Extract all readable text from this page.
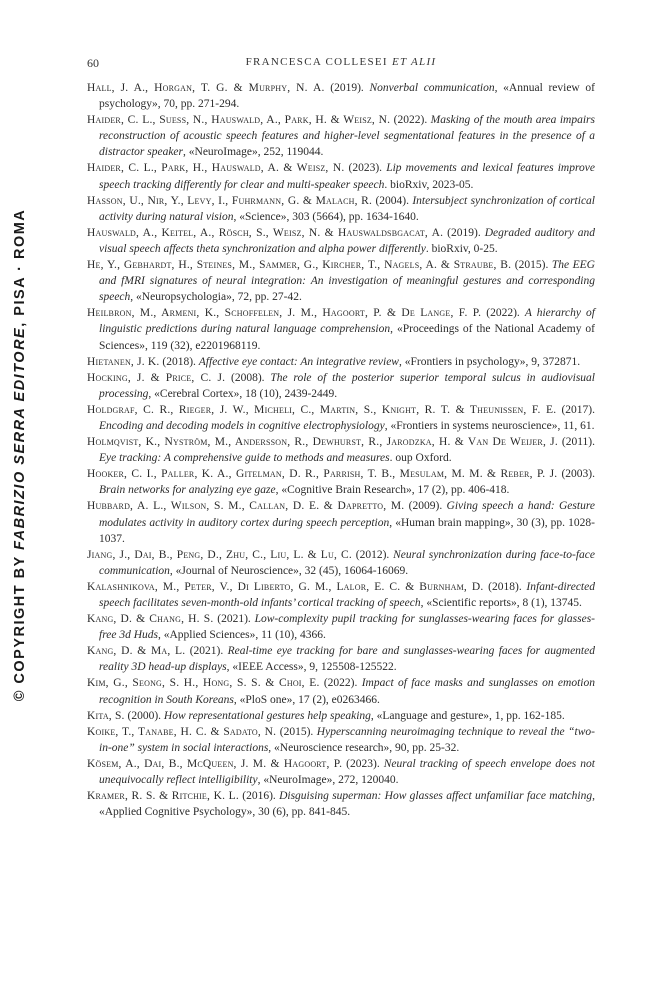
© COPYRIGHT BY FABRIZIO SERRA EDITORE, PISA · ROMA
60	FRANCESCA COLLESEI ET ALII
Hall, J. A., Horgan, T. G. & Murphy, N. A. (2019). Nonverbal communication, «Annual review of psychology», 70, pp. 271-294.
Haider, C. L., Suess, N., Hauswald, A., Park, H. & Weisz, N. (2022). Masking of the mouth area impairs reconstruction of acoustic speech features and higher-level segmentational features in the presence of a distractor speaker, «NeuroImage», 252, 119044.
Haider, C. L., Park, H., Hauswald, A. & Weisz, N. (2023). Lip movements and lexical features improve speech tracking differently for clear and multi-speaker speech. bioRxiv, 2023-05.
Hasson, U., Nir, Y., Levy, I., Fuhrmann, G. & Malach, R. (2004). Intersubject synchronization of cortical activity during natural vision, «Science», 303 (5664), pp. 1634-1640.
Hauswald, A., Keitel, A., Rösch, S., Weisz, N. & Hauswaldsbgacat, A. (2019). Degraded auditory and visual speech affects theta synchronization and alpha power differently. bioRxiv, 0-25.
He, Y., Gebhardt, H., Steines, M., Sammer, G., Kircher, T., Nagels, A. & Straube, B. (2015). The EEG and fMRI signatures of neural integration: An investigation of meaningful gestures and corresponding speech, «Neuropsychologia», 72, pp. 27-42.
Heilbron, M., Armeni, K., Schoffelen, J. M., Hagoort, P. & De Lange, F. P. (2022). A hierarchy of linguistic predictions during natural language comprehension, «Proceedings of the National Academy of Sciences», 119 (32), e2201968119.
Hietanen, J. K. (2018). Affective eye contact: An integrative review, «Frontiers in psychology», 9, 372871.
Hocking, J. & Price, C. J. (2008). The role of the posterior superior temporal sulcus in audiovisual processing, «Cerebral Cortex», 18 (10), 2439-2449.
Holdgraf, C. R., Rieger, J. W., Micheli, C., Martin, S., Knight, R. T. & Theunissen, F. E. (2017). Encoding and decoding models in cognitive electrophysiology, «Frontiers in systems neuroscience», 11, 61.
Holmqvist, K., Nyström, M., Andersson, R., Dewhurst, R., Jarodzka, H. & Van De Weijer, J. (2011). Eye tracking: A comprehensive guide to methods and measures. oup Oxford.
Hooker, C. I., Paller, K. A., Gitelman, D. R., Parrish, T. B., Mesulam, M. M. & Reber, P. J. (2003). Brain networks for analyzing eye gaze, «Cognitive Brain Research», 17 (2), pp. 406-418.
Hubbard, A. L., Wilson, S. M., Callan, D. E. & Dapretto, M. (2009). Giving speech a hand: Gesture modulates activity in auditory cortex during speech perception, «Human brain mapping», 30 (3), pp. 1028-1037.
Jiang, J., Dai, B., Peng, D., Zhu, C., Liu, L. & Lu, C. (2012). Neural synchronization during face-to-face communication, «Journal of Neuroscience», 32 (45), 16064-16069.
Kalashnikova, M., Peter, V., Di Liberto, G. M., Lalor, E. C. & Burnham, D. (2018). Infant-directed speech facilitates seven-month-old infants’ cortical tracking of speech, «Scientific reports», 8 (1), 13745.
Kang, D. & Chang, H. S. (2021). Low-complexity pupil tracking for sunglasses-wearing faces for glasses-free 3d Huds, «Applied Sciences», 11 (10), 4366.
Kang, D. & Ma, L. (2021). Real-time eye tracking for bare and sunglasses-wearing faces for augmented reality 3D head-up displays, «IEEE Access», 9, 125508-125522.
Kim, G., Seong, S. H., Hong, S. S. & Choi, E. (2022). Impact of face masks and sunglasses on emotion recognition in South Koreans, «PloS one», 17 (2), e0263466.
Kita, S. (2000). How representational gestures help speaking, «Language and gesture», 1, pp. 162-185.
Koike, T., Tanabe, H. C. & Sadato, N. (2015). Hyperscanning neuroimaging technique to reveal the “two-in-one” system in social interactions, «Neuroscience research», 90, pp. 25-32.
Kösem, A., Dai, B., McQueen, J. M. & Hagoort, P. (2023). Neural tracking of speech envelope does not unequivocally reflect intelligibility, «NeuroImage», 272, 120040.
Kramer, R. S. & Ritchie, K. L. (2016). Disguising superman: How glasses affect unfamiliar face matching, «Applied Cognitive Psychology», 30 (6), pp. 841-845.
